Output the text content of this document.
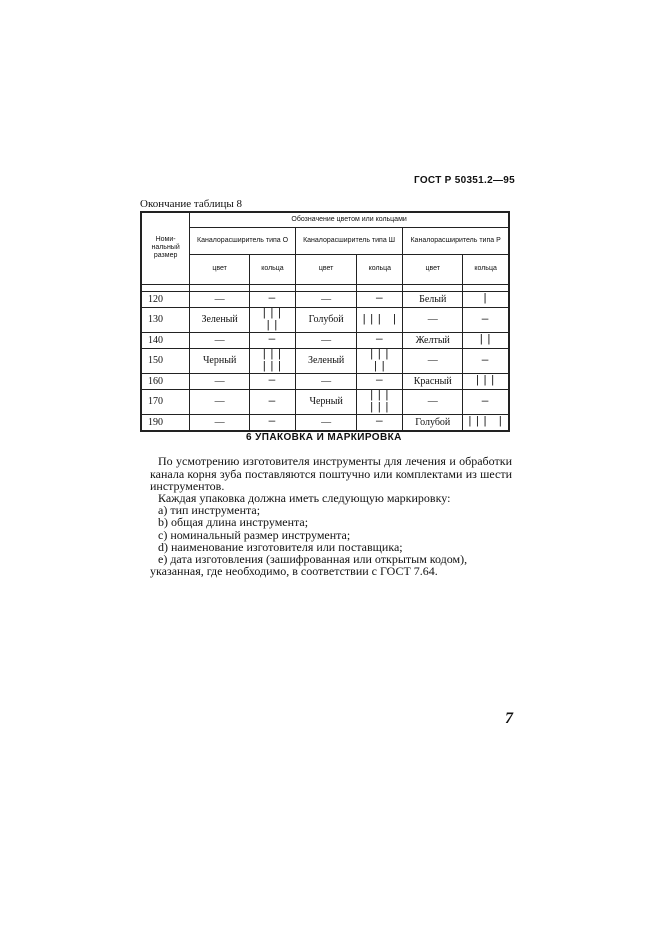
ГОСТ Р 50351.2—95
Окончание таблицы 8
Номи-
нальный
размер	Обозначение цветом или кольцами					
	Каналорасширитель типа О		Каналорасширитель типа Ш		Каналорасширитель типа Р	
	цвет	кольца	цвет	кольца	цвет	кольца

120	—	—	—	—	Белый	|
130	Зеленый	||| ||	Голубой	||| |	—	—
140	—	—	—	—	Желтый	||
150	Черный	||| |||	Зеленый	||| ||	—	—
160	—	—	—	—	Красный	|||
170	—	—	Черный	||| |||	—	—
190	—	—	—	—	Голубой	||| |
6 УПАКОВКА И МАРКИРОВКА
По усмотрению изготовителя инструменты для лечения и обработки канала корня зуба поставляются поштучно или комплектами из шести инструментов.
Каждая упаковка должна иметь следующую маркировку:
а) тип инструмента;
b) общая длина инструмента;
с) номинальный размер инструмента;
d) наименование изготовителя или поставщика;
е) дата изготовления (зашифрованная или открытым кодом),
указанная, где необходимо, в соответствии с ГОСТ 7.64.
7
